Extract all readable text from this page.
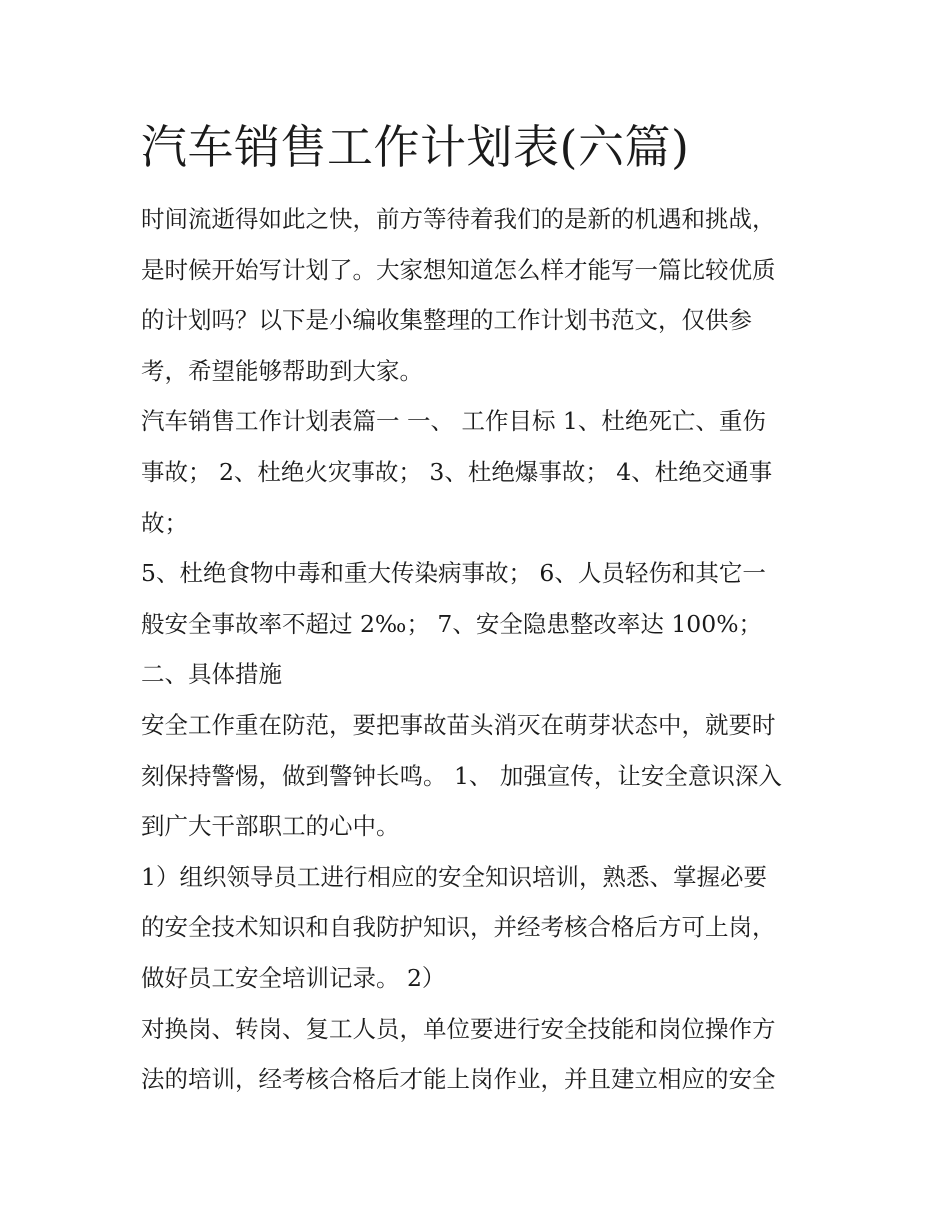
汽车销售工作计划表(六篇)
时间流逝得如此之快，前方等待着我们的是新的机遇和挑战，
是时候开始写计划了。大家想知道怎么样才能写一篇比较优质
的计划吗？以下是小编收集整理的工作计划书范文，仅供参
考，希望能够帮助到大家。
汽车销售工作计划表篇一 一、 工作目标 1、杜绝死亡、重伤
事故； 2、杜绝火灾事故； 3、杜绝爆事故； 4、杜绝交通事
故；
5、杜绝食物中毒和重大传染病事故； 6、人员轻伤和其它一
般安全事故率不超过 2‰； 7、安全隐患整改率达 100%；
二、具体措施
安全工作重在防范，要把事故苗头消灭在萌芽状态中，就要时
刻保持警惕，做到警钟长鸣。 1、 加强宣传，让安全意识深入
到广大干部职工的心中。
1）组织领导员工进行相应的安全知识培训，熟悉、掌握必要
的安全技术知识和自我防护知识，并经考核合格后方可上岗，
做好员工安全培训记录。 2）
对换岗、转岗、复工人员，单位要进行安全技能和岗位操作方
法的培训，经考核合格后才能上岗作业，并且建立相应的安全
